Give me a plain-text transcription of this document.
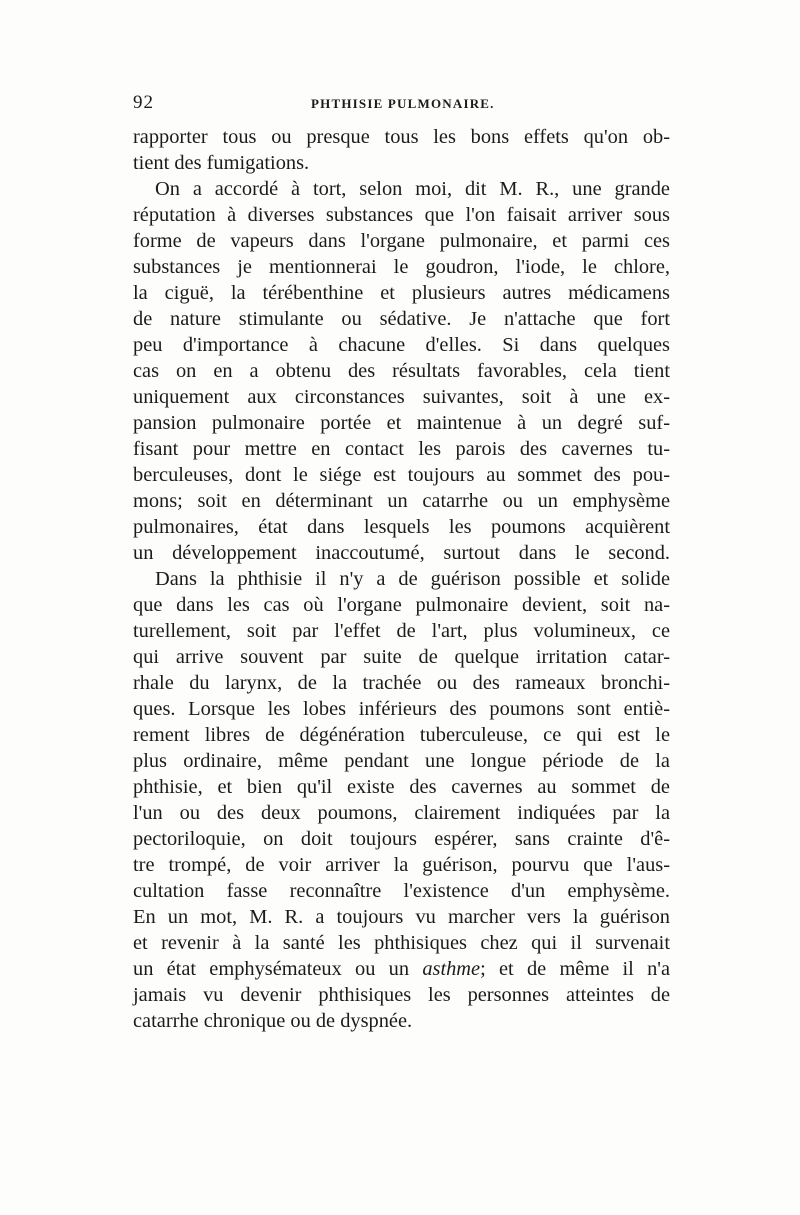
92	PHTHISIE PULMONAIRE.
rapporter tous ou presque tous les bons effets qu'on ob-
tient des fumigations.
On a accordé à tort, selon moi, dit M. R., une grande
réputation à diverses substances que l'on faisait arriver sous
forme de vapeurs dans l'organe pulmonaire, et parmi ces
substances je mentionnerai le goudron, l'iode, le chlore,
la ciguë, la térébenthine et plusieurs autres médicamens
de nature stimulante ou sédative. Je n'attache que fort
peu d'importance à chacune d'elles. Si dans quelques
cas on en a obtenu des résultats favorables, cela tient
uniquement aux circonstances suivantes, soit à une ex-
pansion pulmonaire portée et maintenue à un degré suf-
fisant pour mettre en contact les parois des cavernes tu-
berculeuses, dont le siége est toujours au sommet des pou-
mons; soit en déterminant un catarrhe ou un emphysème
pulmonaires, état dans lesquels les poumons acquièrent
un développement inaccoutumé, surtout dans le second.
Dans la phthisie il n'y a de guérison possible et solide
que dans les cas où l'organe pulmonaire devient, soit na-
turellement, soit par l'effet de l'art, plus volumineux, ce
qui arrive souvent par suite de quelque irritation catar-
rhale du larynx, de la trachée ou des rameaux bronchi-
ques. Lorsque les lobes inférieurs des poumons sont entiè-
rement libres de dégénération tuberculeuse, ce qui est le
plus ordinaire, même pendant une longue période de la
phthisie, et bien qu'il existe des cavernes au sommet de
l'un ou des deux poumons, clairement indiquées par la
pectoriloquie, on doit toujours espérer, sans crainte d'ê-
tre trompé, de voir arriver la guérison, pourvu que l'aus-
cultation fasse reconnaître l'existence d'un emphysème.
En un mot, M. R. a toujours vu marcher vers la guérison
et revenir à la santé les phthisiques chez qui il survenait
un état emphysémateux ou un asthme; et de même il n'a
jamais vu devenir phthisiques les personnes atteintes de
catarrhe chronique ou de dyspnée.
